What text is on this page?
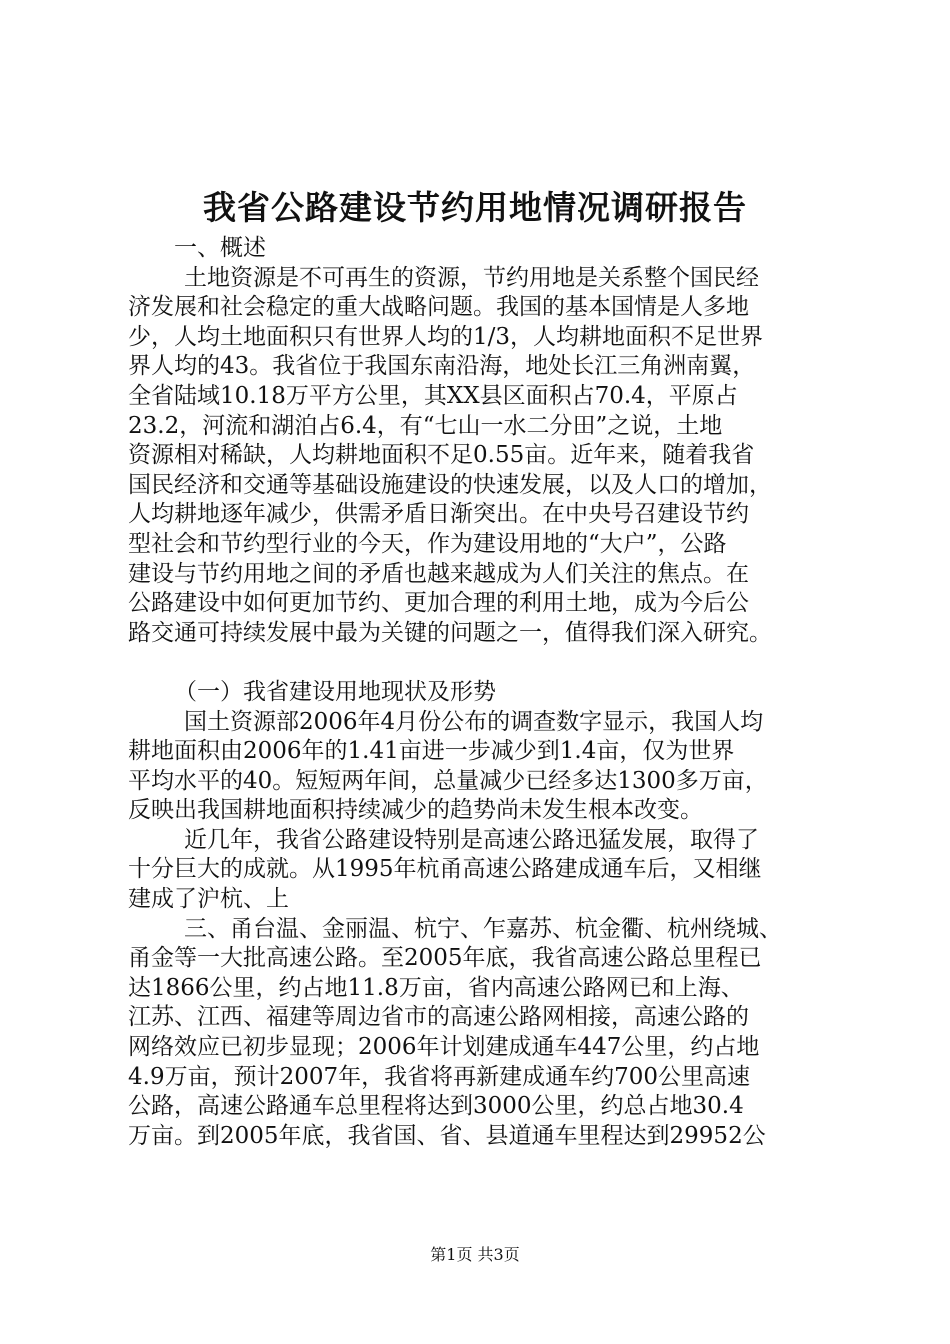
我省公路建设节约用地情况调研报告
一、概述
土地资源是不可再生的资源，节约用地是关系整个国民经
济发展和社会稳定的重大战略问题。我国的基本国情是人多地
少，人均土地面积只有世界人均的1/3，人均耕地面积不足世界
界人均的43。我省位于我国东南沿海，地处长江三角洲南翼，
全省陆域10.18万平方公里，其XX县区面积占70.4，平原占
23.2，河流和湖泊占6.4，有“七山一水二分田”之说，土地
资源相对稀缺，人均耕地面积不足0.55亩。近年来，随着我省
国民经济和交通等基础设施建设的快速发展，以及人口的增加，
人均耕地逐年减少，供需矛盾日渐突出。在中央号召建设节约
型社会和节约型行业的今天，作为建设用地的“大户”，公路
建设与节约用地之间的矛盾也越来越成为人们关注的焦点。在
公路建设中如何更加节约、更加合理的利用土地，成为今后公
路交通可持续发展中最为关键的问题之一，值得我们深入研究。
（一）我省建设用地现状及形势
国土资源部2006年4月份公布的调查数字显示，我国人均
耕地面积由2006年的1.41亩进一步减少到1.4亩，仅为世界
平均水平的40。短短两年间，总量减少已经多达1300多万亩，
反映出我国耕地面积持续减少的趋势尚未发生根本改变。
近几年，我省公路建设特别是高速公路迅猛发展，取得了
十分巨大的成就。从1995年杭甬高速公路建成通车后，又相继
建成了沪杭、上
三、甬台温、金丽温、杭宁、乍嘉苏、杭金衢、杭州绕城、
甬金等一大批高速公路。至2005年底，我省高速公路总里程已
达1866公里，约占地11.8万亩，省内高速公路网已和上海、
江苏、江西、福建等周边省市的高速公路网相接，高速公路的
网络效应已初步显现；2006年计划建成通车447公里，约占地
4.9万亩，预计2007年，我省将再新建成通车约700公里高速
公路，高速公路通车总里程将达到3000公里，约总占地30.4
万亩。到2005年底，我省国、省、县道通车里程达到29952公
第1页 共3页
